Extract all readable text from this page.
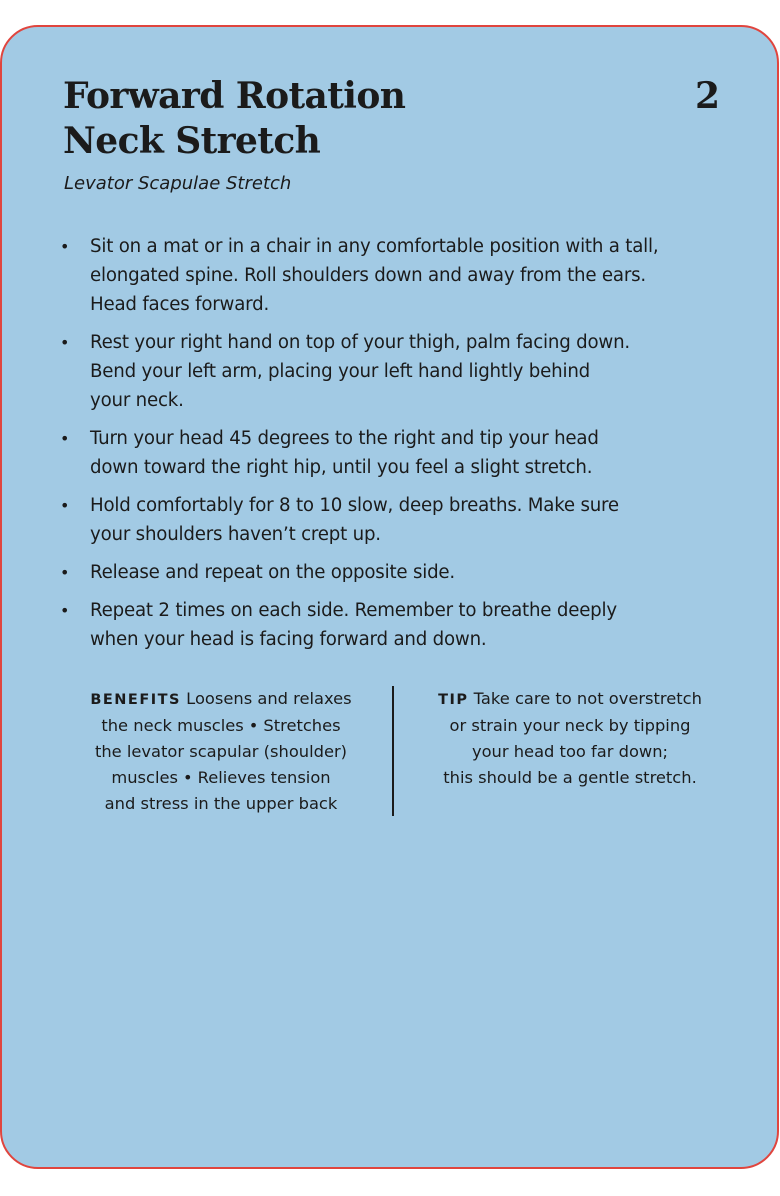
Forward Rotation
Neck Stretch
2

Levator Scapulae Stretch

• Sit on a mat or in a chair in any comfortable position with a tall,
elongated spine. Roll shoulders down and away from the ears.
Head faces forward.
• Rest your right hand on top of your thigh, palm facing down.
Bend your left arm, placing your left hand lightly behind
your neck.
• Turn your head 45 degrees to the right and tip your head
down toward the right hip, until you feel a slight stretch.
• Hold comfortably for 8 to 10 slow, deep breaths. Make sure
your shoulders haven’t crept up.
• Release and repeat on the opposite side.
• Repeat 2 times on each side. Remember to breathe deeply
when your head is facing forward and down.
BENEFITS Loosens and relaxes
the neck muscles • Stretches
the levator scapular (shoulder)
muscles • Relieves tension
and stress in the upper back
TIP Take care to not overstretch
or strain your neck by tipping
your head too far down;
this should be a gentle stretch.
